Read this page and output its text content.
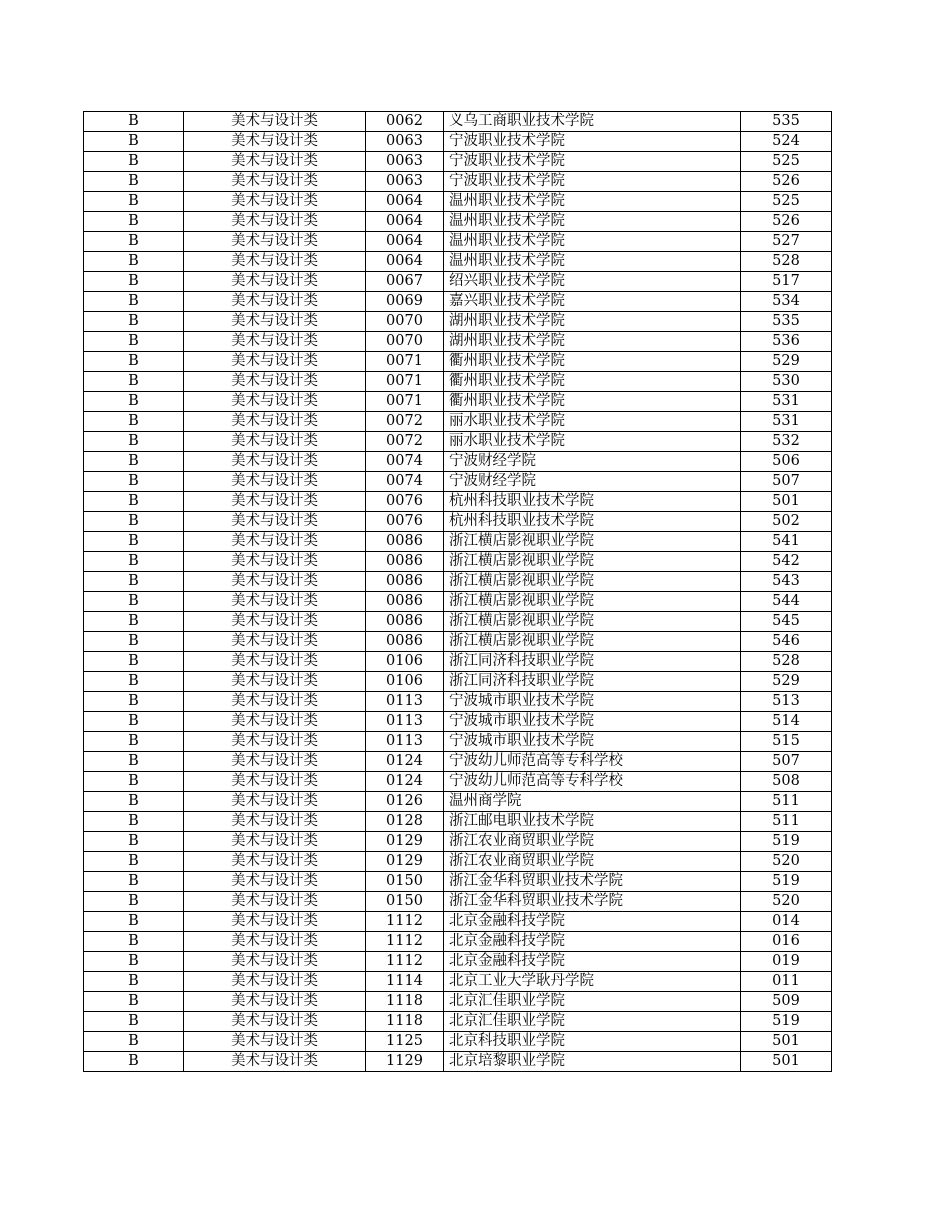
B	美术与设计类	0062	义乌工商职业技术学院	535
B	美术与设计类	0063	宁波职业技术学院	524
B	美术与设计类	0063	宁波职业技术学院	525
B	美术与设计类	0063	宁波职业技术学院	526
B	美术与设计类	0064	温州职业技术学院	525
B	美术与设计类	0064	温州职业技术学院	526
B	美术与设计类	0064	温州职业技术学院	527
B	美术与设计类	0064	温州职业技术学院	528
B	美术与设计类	0067	绍兴职业技术学院	517
B	美术与设计类	0069	嘉兴职业技术学院	534
B	美术与设计类	0070	湖州职业技术学院	535
B	美术与设计类	0070	湖州职业技术学院	536
B	美术与设计类	0071	衢州职业技术学院	529
B	美术与设计类	0071	衢州职业技术学院	530
B	美术与设计类	0071	衢州职业技术学院	531
B	美术与设计类	0072	丽水职业技术学院	531
B	美术与设计类	0072	丽水职业技术学院	532
B	美术与设计类	0074	宁波财经学院	506
B	美术与设计类	0074	宁波财经学院	507
B	美术与设计类	0076	杭州科技职业技术学院	501
B	美术与设计类	0076	杭州科技职业技术学院	502
B	美术与设计类	0086	浙江横店影视职业学院	541
B	美术与设计类	0086	浙江横店影视职业学院	542
B	美术与设计类	0086	浙江横店影视职业学院	543
B	美术与设计类	0086	浙江横店影视职业学院	544
B	美术与设计类	0086	浙江横店影视职业学院	545
B	美术与设计类	0086	浙江横店影视职业学院	546
B	美术与设计类	0106	浙江同济科技职业学院	528
B	美术与设计类	0106	浙江同济科技职业学院	529
B	美术与设计类	0113	宁波城市职业技术学院	513
B	美术与设计类	0113	宁波城市职业技术学院	514
B	美术与设计类	0113	宁波城市职业技术学院	515
B	美术与设计类	0124	宁波幼儿师范高等专科学校	507
B	美术与设计类	0124	宁波幼儿师范高等专科学校	508
B	美术与设计类	0126	温州商学院	511
B	美术与设计类	0128	浙江邮电职业技术学院	511
B	美术与设计类	0129	浙江农业商贸职业学院	519
B	美术与设计类	0129	浙江农业商贸职业学院	520
B	美术与设计类	0150	浙江金华科贸职业技术学院	519
B	美术与设计类	0150	浙江金华科贸职业技术学院	520
B	美术与设计类	1112	北京金融科技学院	014
B	美术与设计类	1112	北京金融科技学院	016
B	美术与设计类	1112	北京金融科技学院	019
B	美术与设计类	1114	北京工业大学耿丹学院	011
B	美术与设计类	1118	北京汇佳职业学院	509
B	美术与设计类	1118	北京汇佳职业学院	519
B	美术与设计类	1125	北京科技职业学院	501
B	美术与设计类	1129	北京培黎职业学院	501
